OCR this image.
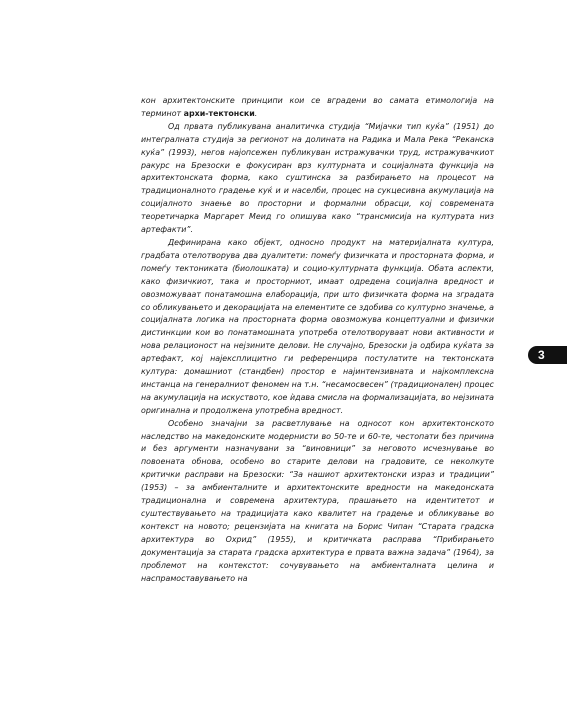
кон архитектонските принципи кои се вградени во самата етимологија на терминот архи-тектонски.

Од првата публикувана аналитичка студија “Мијачки тип куќа” (1951) до интегралната студија за регионот на долината на Радика и Мала Река “Реканска куќа” (1993), негов најопсежен публикуван истражувачки труд, истражувачкиот ракурс на Брезоски е фокусиран врз културната и социјалната функција на архитектонската форма, како суштинска за разбирањето на процесот на традиционалното градење куќ и и населби, процес на сукцесивна акумулација на социјалното знаење во просторни и формални обрасци, кој современата теоретичарка Маргарет Меид го опишува како “трансмисија на културата низ артефакти”.

Дефинирана како објект, односно продукт на материјалната култура, градбата отелотворува два дуалитети: помеѓу физичката и просторната форма, и помеѓу тектониката (биолошката) и социо-културната функција. Обата аспекти, како физичкиот, така и просторниот, имаат одредена социјална вредност и овозможуваат понатамошна елаборација, при што физичката форма на зградата со обликувањето и декорацијата на елементите се здобива со културно значење, а социјалната логика на просторната форма овозможува концептуални и физички дистинкции кои во понатамошната употреба отелотворуваат нови активности и нова релационост на нејзините делови. Не случајно, Брезоски ја одбира куќата за артефакт, кој најексплицитно ги референцира постулатите на тектонската култура: домашниот (стандбен) простор е најинтензивната и најкомплексна инстанца на генералниот феномен на т.н. “несамосвесен” (традиционален) процес на акумулација на искуството, кое ѝдава смисла на формализацијата, во нејзината оригинална и продолжена употребна вредност.

Особено значајни за расветлување на односот кон архитектонското наследство на македонските модернисти во 50-те и 60-те, честопати без причина и без аргументи назначувани за “виновници” за неговото исчезнување во повоената обнова, особено во старите делови на градовите, се неколкуте критички расправи на Брезоски: “За нашиот архитектонски израз и традиции” (1953) – за амбиенталните и архитектонските вредности на македонската традиционална и современа архитектура, прашањето на идентитетот и суштествувањето на традицијата како квалитет на градење и обликување во контекст на новото; рецензијата на книгата на Борис Чипан “Старата градска архитектура во Охрид” (1955), и критичката расправа “Прибирањето документација за старата градска архитектура е првата важна задача” (1964), за проблемот на контекстот: сочувувањето на амбиенталната целина и наспрамоставувањето на

3
